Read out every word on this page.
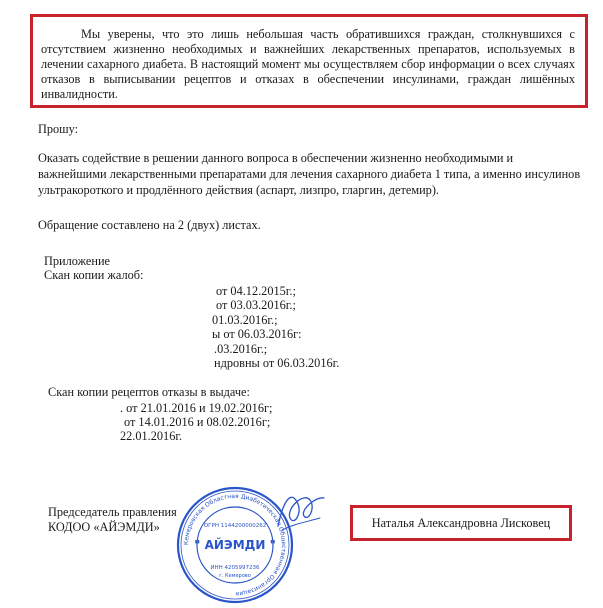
Мы уверены, что это лишь небольшая часть обратившихся граждан, столкнувшихся с отсутствием жизненно необходимых и важнейших лекарственных препаратов, используемых в лечении сахарного диабета. В настоящий момент мы осуществляем сбор информации о всех случаях отказов в выписывании рецептов и отказах в обеспечении инсулинами, граждан лишённых инвалидности.

Прошу:
Оказать содействие в решении данного вопроса в обеспечении жизненно необходимыми и важнейшими лекарственными препаратами для лечения сахарного диабета 1 типа, а именно инсулинов ультракороткого и продлённого действия (аспарт, лизпро, гларгин, детемир).
Обращение составлено на 2 (двух) листах.
Приложение
Скан копии жалоб:
от 04.12.2015г.;
от 03.03.2016г.;
01.03.2016г.;
ы от 06.03.2016г:
.03.2016г.;
ндровны от 06.03.2016г.
Скан копии рецептов отказы в выдаче:
. от 21.01.2016 и 19.02.2016г;
от 14.01.2016 и 08.02.2016г;
22.01.2016г.
Председатель правления
КОДОО «АЙЭМДИ»
Кемеровская Областная Диабетическая Общественная Организация
ОГРН 1144200000262
" АЙЭМДИ "
ИНН 4205997236
г. Кемерово
Наталья Александровна Лисковец
